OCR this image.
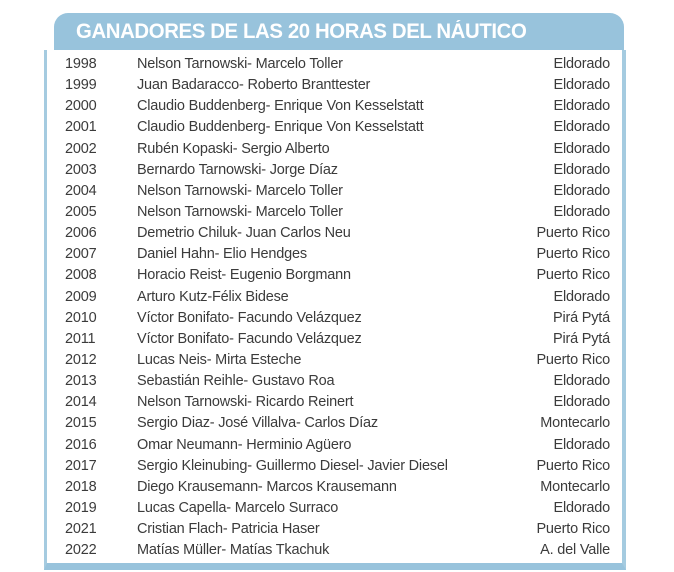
GANADORES DE LAS 20 HORAS DEL NÁUTICO
1998	Nelson Tarnowski- Marcelo Toller	Eldorado
1999	Juan Badaracco- Roberto Branttester	Eldorado
2000	Claudio Buddenberg- Enrique Von Kesselstatt	Eldorado
2001	Claudio Buddenberg- Enrique Von Kesselstatt	Eldorado
2002	Rubén Kopaski- Sergio Alberto	Eldorado
2003	Bernardo Tarnowski- Jorge Díaz	Eldorado
2004	Nelson Tarnowski- Marcelo Toller	Eldorado
2005	Nelson Tarnowski- Marcelo Toller	Eldorado
2006	Demetrio Chiluk- Juan Carlos Neu	Puerto Rico
2007	Daniel Hahn- Elio Hendges	Puerto Rico
2008	Horacio Reist- Eugenio Borgmann	Puerto Rico
2009	Arturo Kutz-Félix Bidese	Eldorado
2010	Víctor Bonifato- Facundo Velázquez	Pirá Pytá
2011	Víctor Bonifato- Facundo Velázquez	Pirá Pytá
2012	Lucas Neis- Mirta Esteche	Puerto Rico
2013	Sebastián Reihle- Gustavo Roa	Eldorado
2014	Nelson Tarnowski- Ricardo Reinert	Eldorado
2015	Sergio Diaz- José Villalva- Carlos Díaz	Montecarlo
2016	Omar Neumann- Herminio Agüero	Eldorado
2017	Sergio Kleinubing- Guillermo Diesel- Javier Diesel	Puerto Rico
2018	Diego Krausemann- Marcos Krausemann	Montecarlo
2019	Lucas Capella- Marcelo Surraco	Eldorado
2021	Cristian Flach- Patricia Haser	Puerto Rico
2022	Matías Müller- Matías Tkachuk	A. del Valle
